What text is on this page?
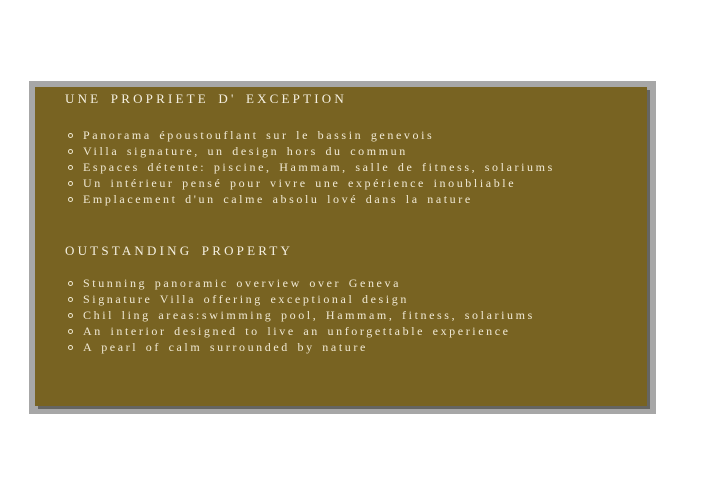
UNE PROPRIETE D' EXCEPTION
Panorama époustouflant sur le bassin genevois
Villa signature, un design hors du commun
Espaces détente: piscine, Hammam, salle de fitness, solariums
Un intérieur pensé pour vivre une expérience inoubliable
Emplacement d'un calme absolu lové dans la nature
OUTSTANDING PROPERTY
Stunning panoramic overview over Geneva
Signature Villa offering exceptional design
Chil ling areas:swimming pool, Hammam, fitness, solariums
An interior designed to live an unforgettable experience
A pearl of calm surrounded by nature
